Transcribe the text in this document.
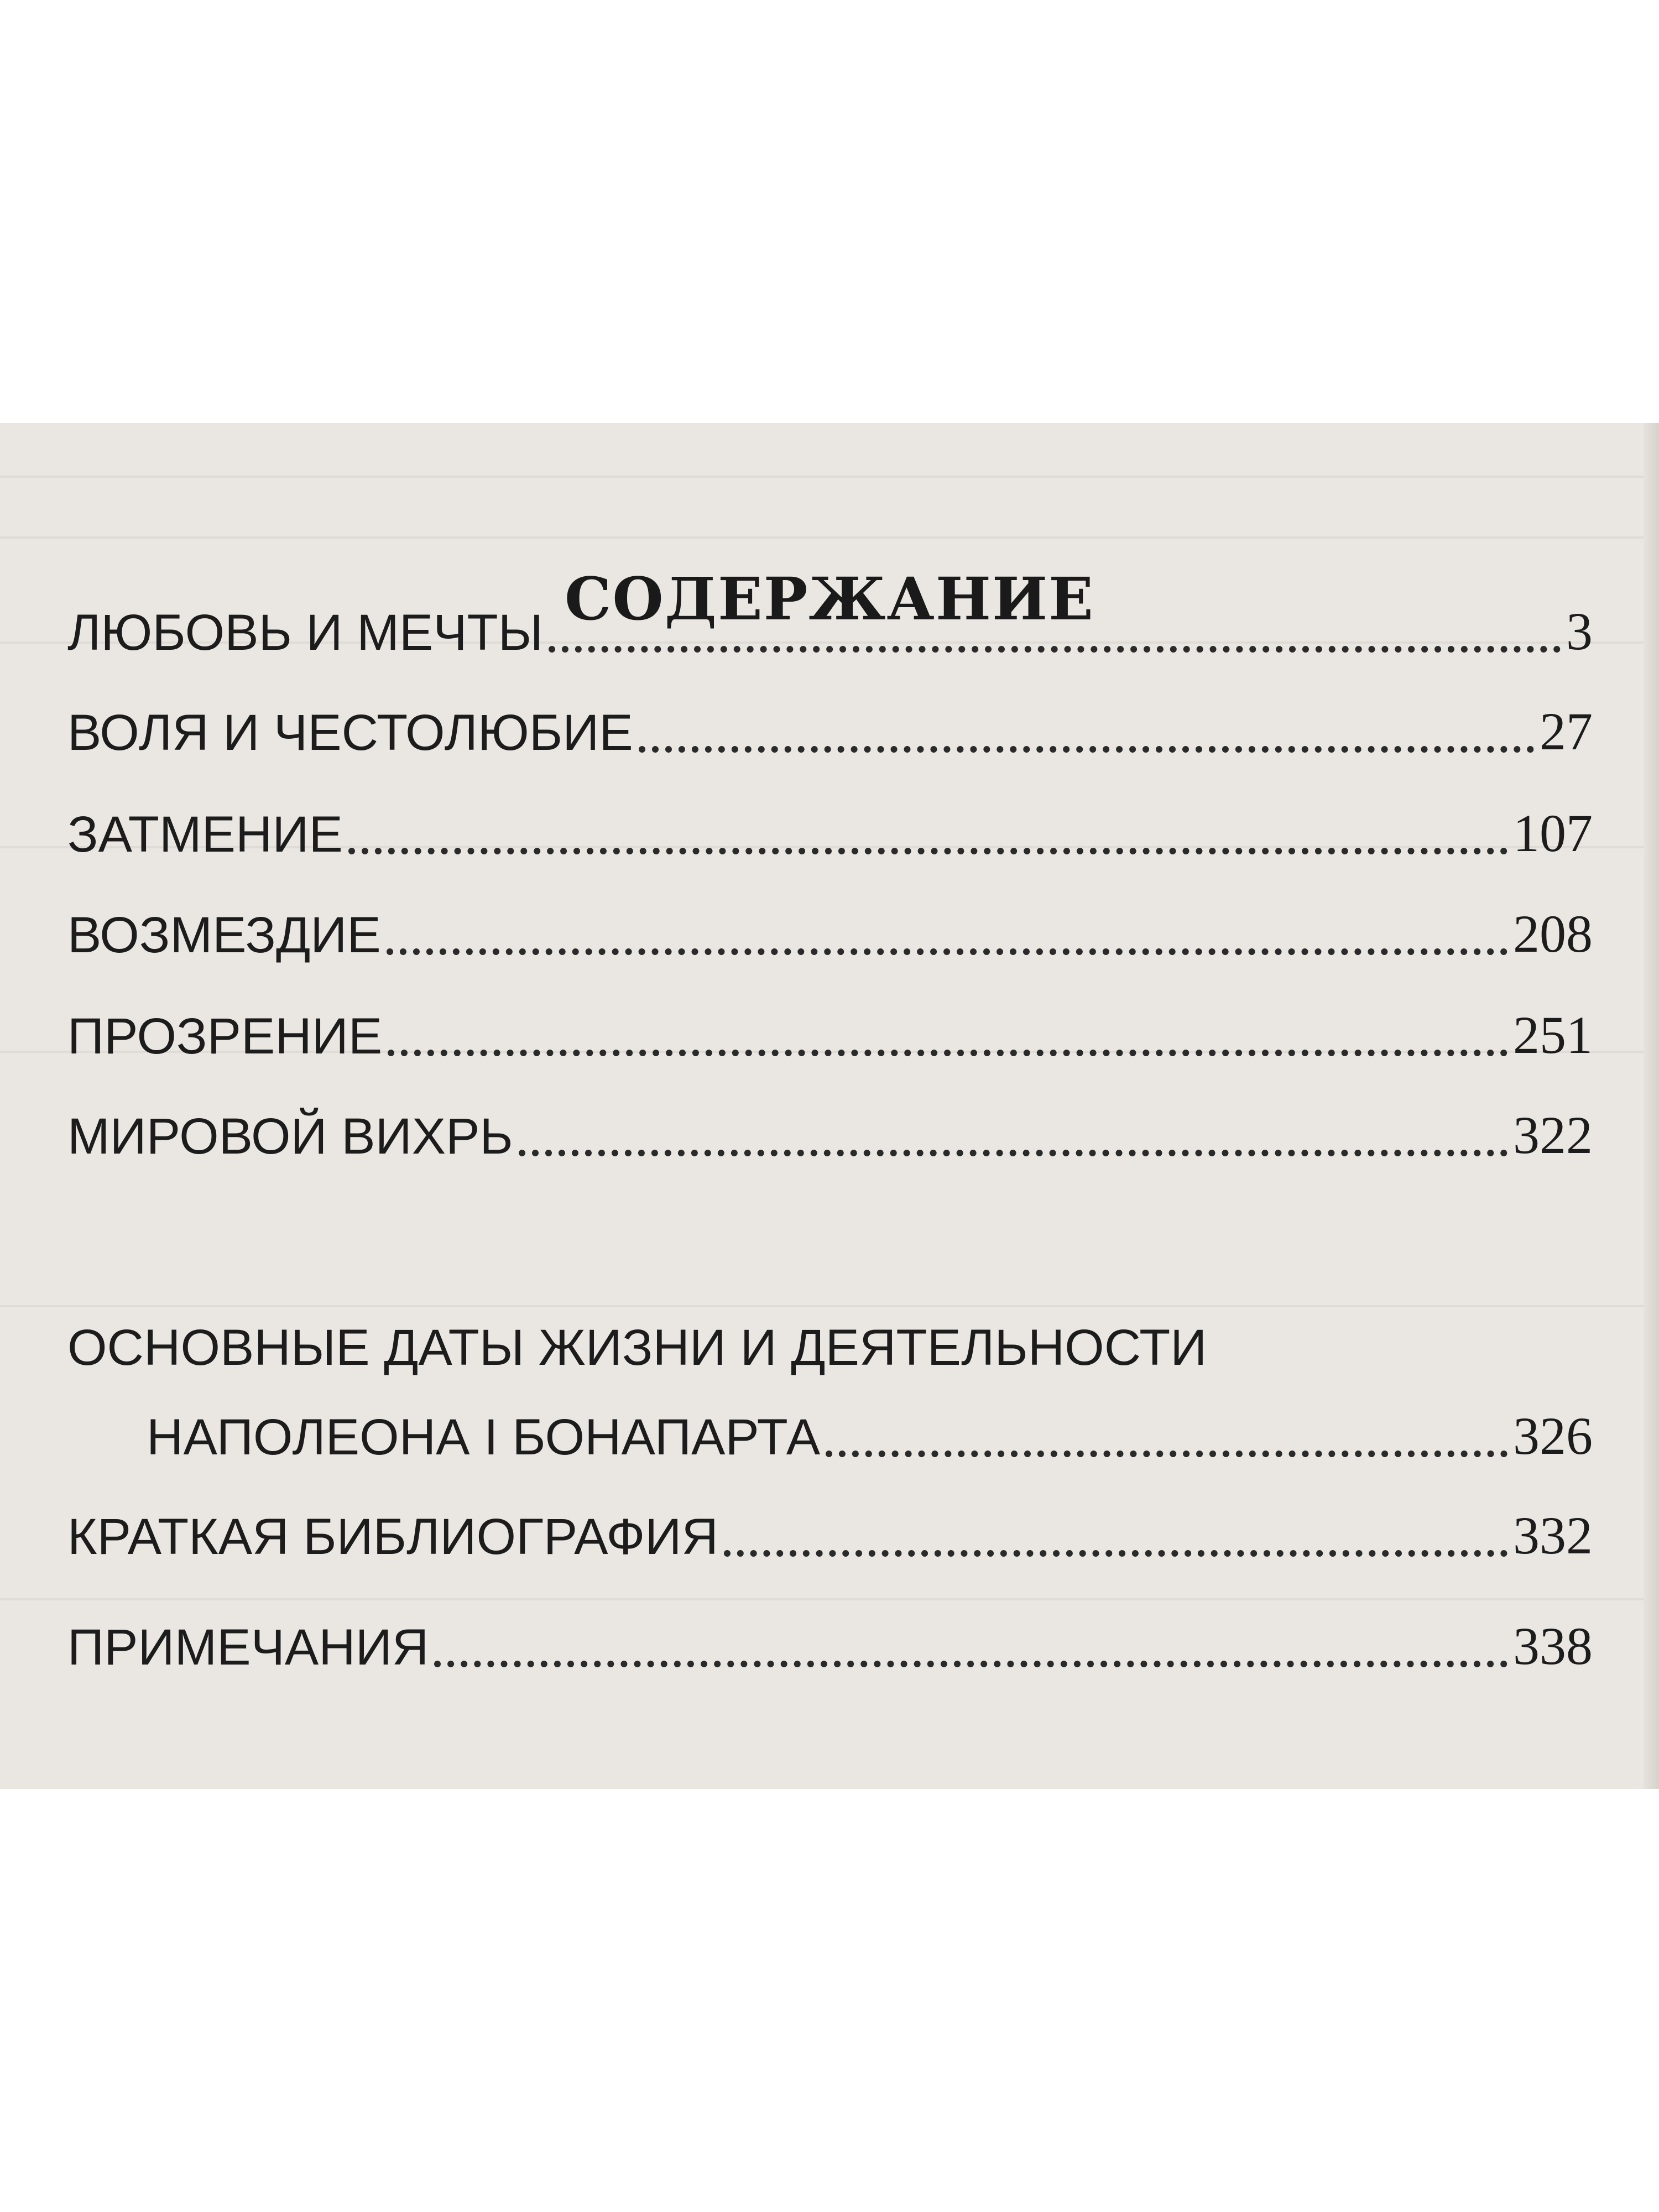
СОДЕРЖАНИЕ
ЛЮБОВЬ И МЕЧТЫ	3
ВОЛЯ И ЧЕСТОЛЮБИЕ	27
ЗАТМЕНИЕ	107
ВОЗМЕЗДИЕ	208
ПРОЗРЕНИЕ	251
МИРОВОЙ ВИХРЬ	322
ОСНОВНЫЕ ДАТЫ ЖИЗНИ И ДЕЯТЕЛЬНОСТИ
НАПОЛЕОНА I БОНАПАРТА	326
КРАТКАЯ БИБЛИОГРАФИЯ	332
ПРИМЕЧАНИЯ	338
